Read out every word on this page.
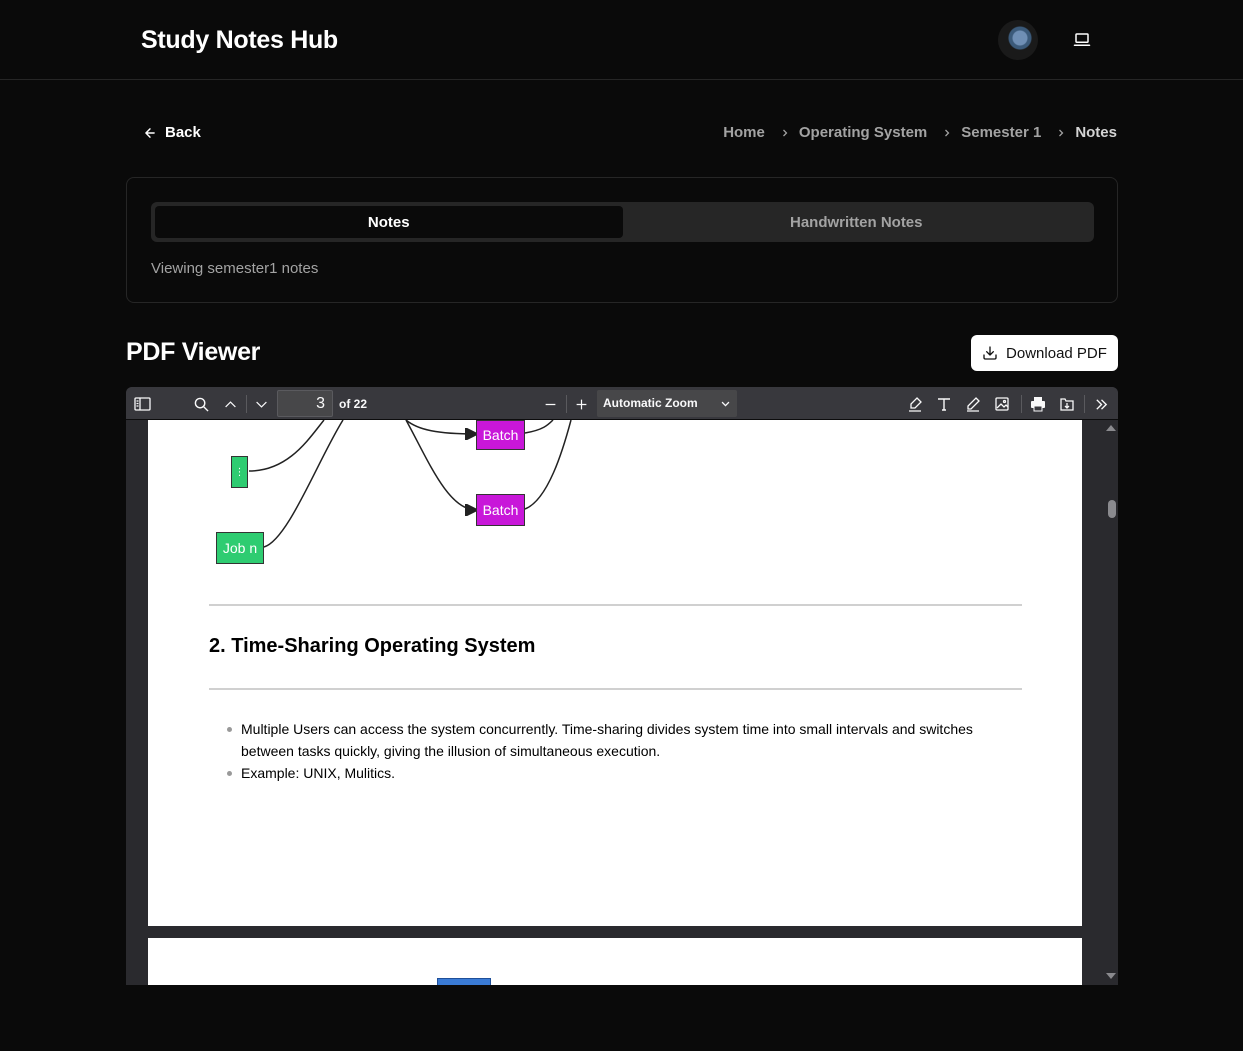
Study Notes Hub
Back	Home Operating System Semester 1 Notes
Notes	Handwritten Notes
Viewing semester1 notes
PDF Viewer	Download PDF
3	of 22	Automatic Zoom
⋮
Job n
Batch
Batch
2. Time-Sharing Operating System
Multiple Users can access the system concurrently. Time-sharing divides system time into small intervals and switches between tasks quickly, giving the illusion of simultaneous execution.
Example: UNIX, Mulitics.
